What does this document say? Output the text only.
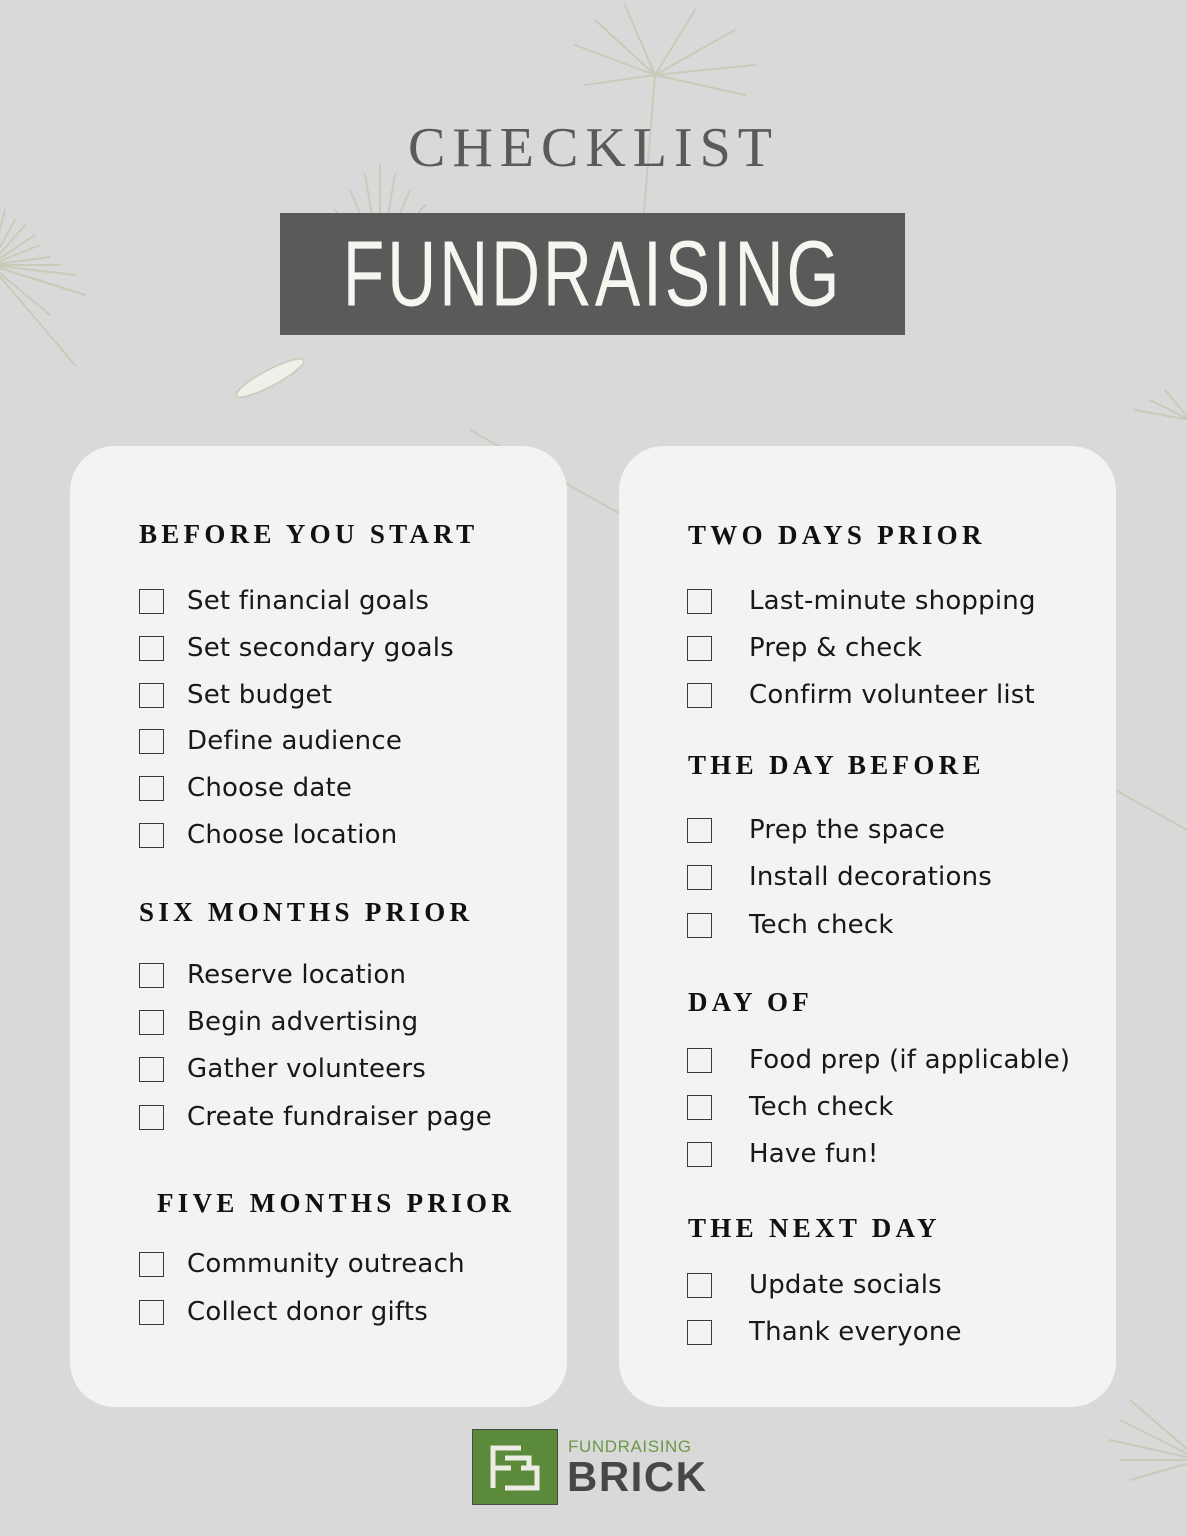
CHECKLIST
FUNDRAISING
BEFORE YOU START
Set financial goals
Set secondary goals
Set budget
Define audience
Choose date
Choose location
SIX MONTHS PRIOR
Reserve location
Begin advertising
Gather volunteers
Create fundraiser page
FIVE MONTHS PRIOR
Community outreach
Collect donor gifts
TWO DAYS PRIOR
Last-minute shopping
Prep & check
Confirm volunteer list
THE DAY BEFORE
Prep the space
Install decorations
Tech check
DAY OF
Food prep (if applicable)
Tech check
Have fun!
THE NEXT DAY
Update socials
Thank everyone
FUNDRAISING
BRICK
